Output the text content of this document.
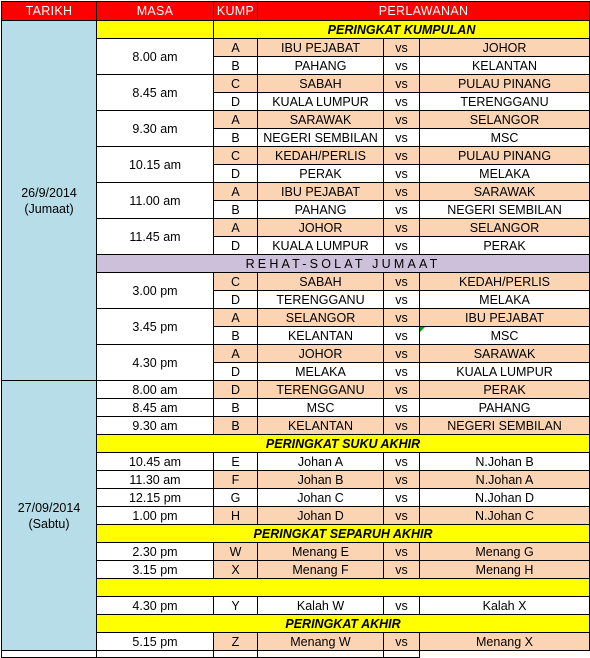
TARIKH	MASA	KUMP	PERLAWANAN		

26/9/2014
(Jumaat)		PERINGKAT KUMPULAN			
	8.00 am	A	IBU PEJABAT	vs	JOHOR
		B	PAHANG	vs	KELANTAN
	8.45 am	C	SABAH	vs	PULAU PINANG
		D	KUALA LUMPUR	vs	TERENGGANU
	9.30 am	A	SARAWAK	vs	SELANGOR
		B	NEGERI SEMBILAN	vs	MSC
	10.15 am	C	KEDAH/PERLIS	vs	PULAU PINANG
		D	PERAK	vs	MELAKA
	11.00 am	A	IBU PEJABAT	vs	SARAWAK
		B	PAHANG	vs	NEGERI SEMBILAN
	11.45 am	A	JOHOR	vs	SELANGOR
		D	KUALA LUMPUR	vs	PERAK
	REHAT-SOLAT JUMAAT				
	3.00 pm	C	SABAH	vs	KEDAH/PERLIS
		D	TERENGGANU	vs	MELAKA
	3.45 pm	A	SELANGOR	vs	IBU PEJABAT
		B	KELANTAN	vs	MSC
	4.30 pm	A	JOHOR	vs	SARAWAK
		D	MELAKA	vs	KUALA LUMPUR

27/09/2014
(Sabtu)	8.00 am	D	TERENGGANU	vs	PERAK
	8.45 am	B	MSC	vs	PAHANG
	9.30 am	B	KELANTAN	vs	NEGERI SEMBILAN
	PERINGKAT SUKU AKHIR				
	10.45 am	E	Johan A	vs	N.Johan B
	11.30 am	F	Johan B	vs	N.Johan A
	12.15 pm	G	Johan C	vs	N.Johan D
	1.00 pm	H	Johan D	vs	N.Johan C
	PERINGKAT SEPARUH AKHIR				
	2.30 pm	W	Menang E	vs	Menang G
	3.15 pm	X	Menang F	vs	Menang H

	4.30 pm	Y	Kalah W	vs	Kalah X
	PERINGKAT AKHIR				
	5.15 pm	Z	Menang W	vs	Menang X
